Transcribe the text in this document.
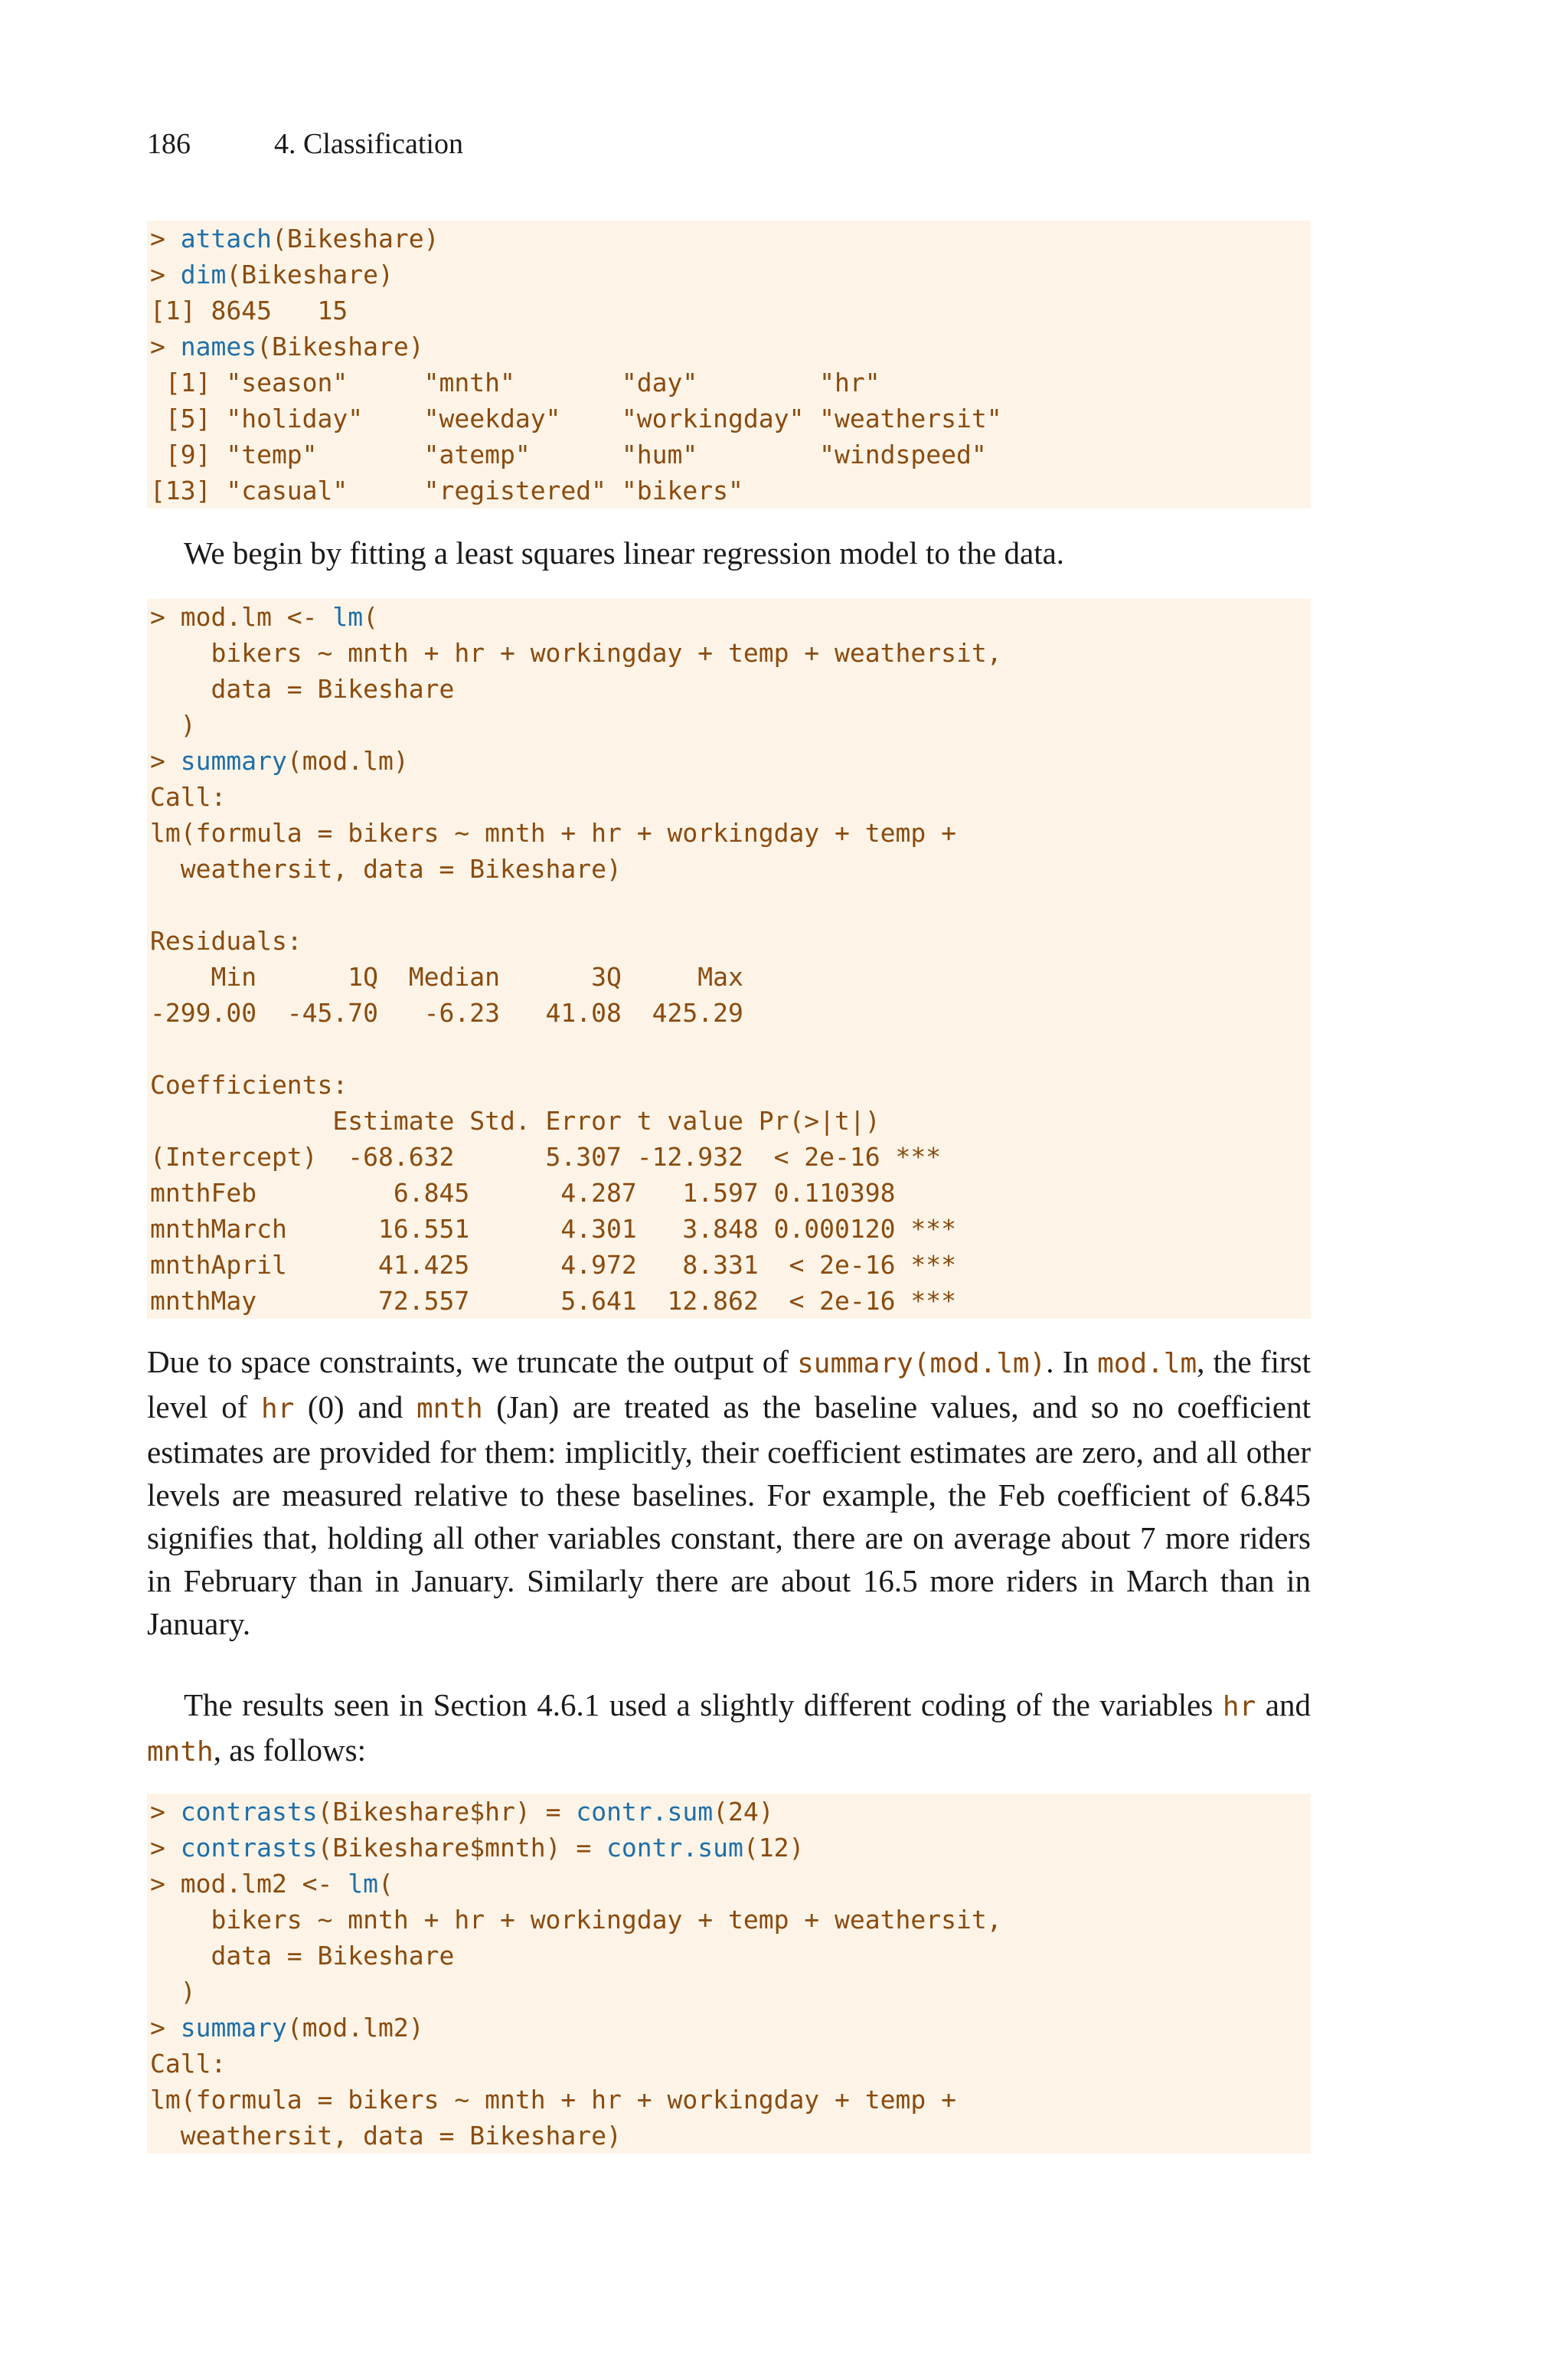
186	4. Classification
> attach(Bikeshare)
> dim(Bikeshare)
[1] 8645   15
> names(Bikeshare)
[1] "season"     "mnth"       "day"        "hr"
[5] "holiday"    "weekday"    "workingday" "weathersit"
[9] "temp"       "atemp"      "hum"        "windspeed"
[13] "casual"     "registered" "bikers"
We begin by fitting a least squares linear regression model to the data.
> mod.lm <- lm(
bikers ~ mnth + hr + workingday + temp + weathersit,
data = Bikeshare
)
> summary(mod.lm)
Call:
lm(formula = bikers ~ mnth + hr + workingday + temp +
weathersit, data = Bikeshare)
Residuals:
Min      1Q  Median      3Q     Max
-299.00  -45.70   -6.23   41.08  425.29
Coefficients:
Estimate Std. Error t value Pr(>|t|)
(Intercept)  -68.632      5.307 -12.932  < 2e-16 ***
mnthFeb         6.845      4.287   1.597 0.110398
mnthMarch      16.551      4.301   3.848 0.000120 ***
mnthApril      41.425      4.972   8.331  < 2e-16 ***
mnthMay        72.557      5.641  12.862  < 2e-16 ***
Due to space constraints, we truncate the output of summary(mod.lm). In mod.lm, the first level of hr (0) and mnth (Jan) are treated as the baseline values, and so no coefficient estimates are provided for them: implicitly, their coefficient estimates are zero, and all other levels are measured relative to these baselines. For example, the Feb coefficient of 6.845 signifies that, holding all other variables constant, there are on average about 7 more riders in February than in January. Similarly there are about 16.5 more riders in March than in January.
The results seen in Section 4.6.1 used a slightly different coding of the variables hr and mnth, as follows:
> contrasts(Bikeshare$hr) = contr.sum(24)
> contrasts(Bikeshare$mnth) = contr.sum(12)
> mod.lm2 <- lm(
bikers ~ mnth + hr + workingday + temp + weathersit,
data = Bikeshare
)
> summary(mod.lm2)
Call:
lm(formula = bikers ~ mnth + hr + workingday + temp +
weathersit, data = Bikeshare)
